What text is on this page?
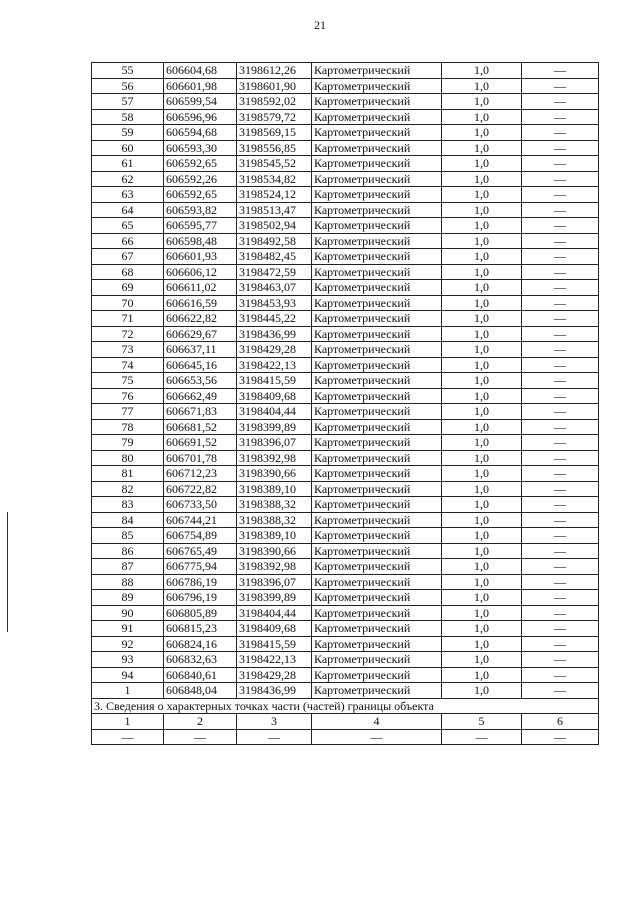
21
55	606604,68	3198612,26	Картометрический	1,0	—
56	606601,98	3198601,90	Картометрический	1,0	—
57	606599,54	3198592,02	Картометрический	1,0	—
58	606596,96	3198579,72	Картометрический	1,0	—
59	606594,68	3198569,15	Картометрический	1,0	—
60	606593,30	3198556,85	Картометрический	1,0	—
61	606592,65	3198545,52	Картометрический	1,0	—
62	606592,26	3198534,82	Картометрический	1,0	—
63	606592,65	3198524,12	Картометрический	1,0	—
64	606593,82	3198513,47	Картометрический	1,0	—
65	606595,77	3198502,94	Картометрический	1,0	—
66	606598,48	3198492,58	Картометрический	1,0	—
67	606601,93	3198482,45	Картометрический	1,0	—
68	606606,12	3198472,59	Картометрический	1,0	—
69	606611,02	3198463,07	Картометрический	1,0	—
70	606616,59	3198453,93	Картометрический	1,0	—
71	606622,82	3198445,22	Картометрический	1,0	—
72	606629,67	3198436,99	Картометрический	1,0	—
73	606637,11	3198429,28	Картометрический	1,0	—
74	606645,16	3198422,13	Картометрический	1,0	—
75	606653,56	3198415,59	Картометрический	1,0	—
76	606662,49	3198409,68	Картометрический	1,0	—
77	606671,83	3198404,44	Картометрический	1,0	—
78	606681,52	3198399,89	Картометрический	1,0	—
79	606691,52	3198396,07	Картометрический	1,0	—
80	606701,78	3198392,98	Картометрический	1,0	—
81	606712,23	3198390,66	Картометрический	1,0	—
82	606722,82	3198389,10	Картометрический	1,0	—
83	606733,50	3198388,32	Картометрический	1,0	—
84	606744,21	3198388,32	Картометрический	1,0	—
85	606754,89	3198389,10	Картометрический	1,0	—
86	606765,49	3198390,66	Картометрический	1,0	—
87	606775,94	3198392,98	Картометрический	1,0	—
88	606786,19	3198396,07	Картометрический	1,0	—
89	606796,19	3198399,89	Картометрический	1,0	—
90	606805,89	3198404,44	Картометрический	1,0	—
91	606815,23	3198409,68	Картометрический	1,0	—
92	606824,16	3198415,59	Картометрический	1,0	—
93	606832,63	3198422,13	Картометрический	1,0	—
94	606840,61	3198429,28	Картометрический	1,0	—
1	606848,04	3198436,99	Картометрический	1,0	—
3. Сведения о характерных точках части (частей) границы объекта					
1	2	3	4	5	6
—	—	—	—	—	—
